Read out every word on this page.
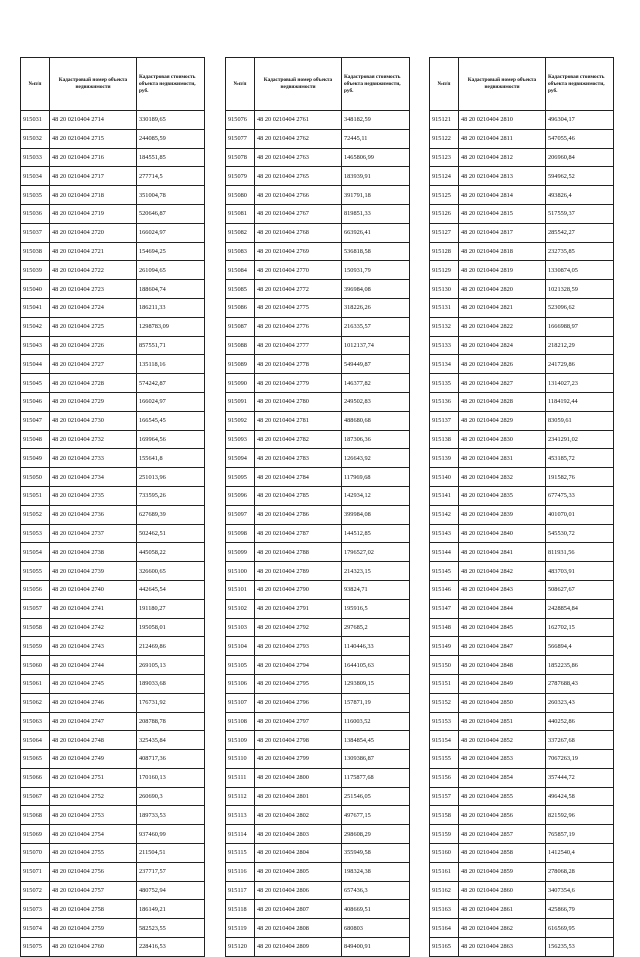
№п/п	Кадастровый номер объекта недвижимости	Кадастровая стоимость объекта недвижимости, руб.
915031	48 20 0210404 2714	330189,65
915032	48 20 0210404 2715	244085,59
915033	48 20 0210404 2716	184551,85
915034	48 20 0210404 2717	277714,5
915035	48 20 0210404 2718	351004,78
915036	48 20 0210404 2719	520646,87
915037	48 20 0210404 2720	166024,97
915038	48 20 0210404 2721	154694,25
915039	48 20 0210404 2722	261094,65
915040	48 20 0210404 2723	188604,74
915041	48 20 0210404 2724	186211,33
915042	48 20 0210404 2725	1298783,09
915043	48 20 0210404 2726	857551,71
915044	48 20 0210404 2727	135118,16
915045	48 20 0210404 2728	574242,87
915046	48 20 0210404 2729	166024,97
915047	48 20 0210404 2730	166545,45
915048	48 20 0210404 2732	169964,56
915049	48 20 0210404 2733	155641,8
915050	48 20 0210404 2734	251013,96
915051	48 20 0210404 2735	733595,26
915052	48 20 0210404 2736	627689,39
915053	48 20 0210404 2737	502462,51
915054	48 20 0210404 2738	445058,22
915055	48 20 0210404 2739	326600,65
915056	48 20 0210404 2740	442645,54
915057	48 20 0210404 2741	191180,27
915058	48 20 0210404 2742	195058,01
915059	48 20 0210404 2743	212469,86
915060	48 20 0210404 2744	269105,13
915061	48 20 0210404 2745	189033,68
915062	48 20 0210404 2746	176731,92
915063	48 20 0210404 2747	208788,78
915064	48 20 0210404 2748	325435,84
915065	48 20 0210404 2749	408717,36
915066	48 20 0210404 2751	170160,13
915067	48 20 0210404 2752	260690,3
915068	48 20 0210404 2753	189733,53
915069	48 20 0210404 2754	937460,99
915070	48 20 0210404 2755	211504,51
915071	48 20 0210404 2756	237717,57
915072	48 20 0210404 2757	480752,94
915073	48 20 0210404 2758	186149,21
915074	48 20 0210404 2759	582523,55
915075	48 20 0210404 2760	228416,53
№п/п	Кадастровый номер объекта недвижимости	Кадастровая стоимость объекта недвижимости, руб.
915076	48 20 0210404 2761	348182,59
915077	48 20 0210404 2762	72445,11
915078	48 20 0210404 2763	1465806,99
915079	48 20 0210404 2765	183939,91
915080	48 20 0210404 2766	391791,18
915081	48 20 0210404 2767	819851,33
915082	48 20 0210404 2768	663926,41
915083	48 20 0210404 2769	536818,58
915084	48 20 0210404 2770	150931,79
915085	48 20 0210404 2772	396984,08
915086	48 20 0210404 2775	318226,26
915087	48 20 0210404 2776	216335,57
915088	48 20 0210404 2777	1012137,74
915089	48 20 0210404 2778	549449,87
915090	48 20 0210404 2779	146377,82
915091	48 20 0210404 2780	249502,83
915092	48 20 0210404 2781	488680,68
915093	48 20 0210404 2782	187306,36
915094	48 20 0210404 2783	126643,92
915095	48 20 0210404 2784	117969,68
915096	48 20 0210404 2785	142934,12
915097	48 20 0210404 2786	399984,08
915098	48 20 0210404 2787	144512,85
915099	48 20 0210404 2788	1796527,02
915100	48 20 0210404 2789	214323,15
915101	48 20 0210404 2790	93824,71
915102	48 20 0210404 2791	195916,5
915103	48 20 0210404 2792	297685,2
915104	48 20 0210404 2793	1140446,33
915105	48 20 0210404 2794	1644105,63
915106	48 20 0210404 2795	1293809,15
915107	48 20 0210404 2796	157871,19
915108	48 20 0210404 2797	116003,52
915109	48 20 0210404 2798	1384854,45
915110	48 20 0210404 2799	1309386,87
915111	48 20 0210404 2800	1175877,68
915112	48 20 0210404 2801	251546,05
915113	48 20 0210404 2802	497677,15
915114	48 20 0210404 2803	298608,29
915115	48 20 0210404 2804	355949,58
915116	48 20 0210404 2805	198324,38
915117	48 20 0210404 2806	657436,3
915118	48 20 0210404 2807	408669,51
915119	48 20 0210404 2808	680803
915120	48 20 0210404 2809	849400,91
№п/п	Кадастровый номер объекта недвижимости	Кадастровая стоимость объекта недвижимости, руб.
915121	48 20 0210404 2810	496304,17
915122	48 20 0210404 2811	547055,46
915123	48 20 0210404 2812	206960,84
915124	48 20 0210404 2813	594962,52
915125	48 20 0210404 2814	493826,4
915126	48 20 0210404 2815	517559,37
915127	48 20 0210404 2817	285542,27
915128	48 20 0210404 2818	232735,85
915129	48 20 0210404 2819	1330874,05
915130	48 20 0210404 2820	1021328,59
915131	48 20 0210404 2821	523096,62
915132	48 20 0210404 2822	1666988,97
915133	48 20 0210404 2824	218212,29
915134	48 20 0210404 2826	241729,86
915135	48 20 0210404 2827	1314027,23
915136	48 20 0210404 2828	1184192,44
915137	48 20 0210404 2829	83059,61
915138	48 20 0210404 2830	2341291,02
915139	48 20 0210404 2831	453185,72
915140	48 20 0210404 2832	191582,76
915141	48 20 0210404 2835	677475,33
915142	48 20 0210404 2839	401070,01
915143	48 20 0210404 2840	545530,72
915144	48 20 0210404 2841	811931,56
915145	48 20 0210404 2842	483703,91
915146	48 20 0210404 2843	508627,67
915147	48 20 0210404 2844	2428854,84
915148	48 20 0210404 2845	162702,15
915149	48 20 0210404 2847	566894,4
915150	48 20 0210404 2848	1852235,86
915151	48 20 0210404 2849	2787688,43
915152	48 20 0210404 2850	260323,43
915153	48 20 0210404 2851	440252,86
915154	48 20 0210404 2852	337267,68
915155	48 20 0210404 2853	7067263,19
915156	48 20 0210404 2854	357444,72
915157	48 20 0210404 2855	496424,58
915158	48 20 0210404 2856	821592,96
915159	48 20 0210404 2857	765857,19
915160	48 20 0210404 2858	1412540,4
915161	48 20 0210404 2859	278068,28
915162	48 20 0210404 2860	3407354,6
915163	48 20 0210404 2861	425866,79
915164	48 20 0210404 2862	616569,95
915165	48 20 0210404 2863	156235,53
